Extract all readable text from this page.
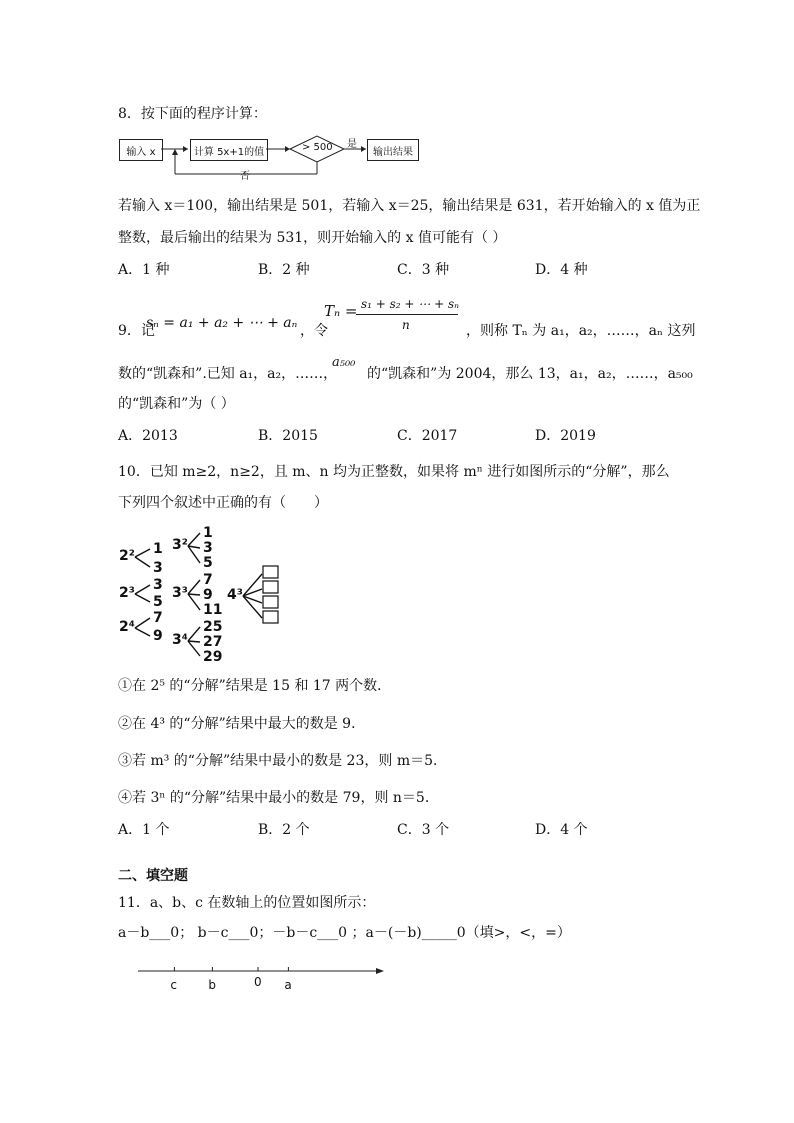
8．按下面的程序计算：
输入 x	计算 5x+1的值	> 500 是
输出结果
否
若输入 x＝100，输出结果是 501，若输入 x＝25，输出结果是 631，若开始输入的 x 值为正
整数，最后输出的结果为 531，则开始输入的 x 值可能有（ ）
A．1 种	B．2 种	C．3 种	D．4 种
9．记
sₙ = a₁ + a₂ + ⋯ + aₙ ，令
Tₙ = s₁ + s₂ + ⋯ + sₙ
n	，则称 Tₙ 为 a₁，a₂，……，aₙ 这列
数的“凯森和”.已知 a₁，a₂，……，
a₅₀₀
的“凯森和”为 2004，那么 13，a₁，a₂，……，a₅₀₀
的“凯森和”为（ ）
A．2013	B．2015	C．2017	D．2019
10．已知 m≥2，n≥2，且 m、n 均为正整数，如果将 mⁿ 进行如图所示的“分解”，那么
下列四个叙述中正确的有（　　）
2² 1
3
2³ 3
5
2⁴
7
9
3²
1
3
5
3³
7
9
11
3⁴
25
27
29
4³
①在 2⁵ 的“分解”结果是 15 和 17 两个数．
②在 4³ 的“分解”结果中最大的数是 9．
③若 m³ 的“分解”结果中最小的数是 23，则 m＝5．
④若 3ⁿ 的“分解”结果中最小的数是 79，则 n＝5．
A．1 个	B．2 个	C．3 个	D．4 个
二、填空题
11．a、b、c 在数轴上的位置如图所示：
a－b___0； b－c___0；－b－c___0 ；a－(－b)_____0（填>，<，=）
c	b	0 a
